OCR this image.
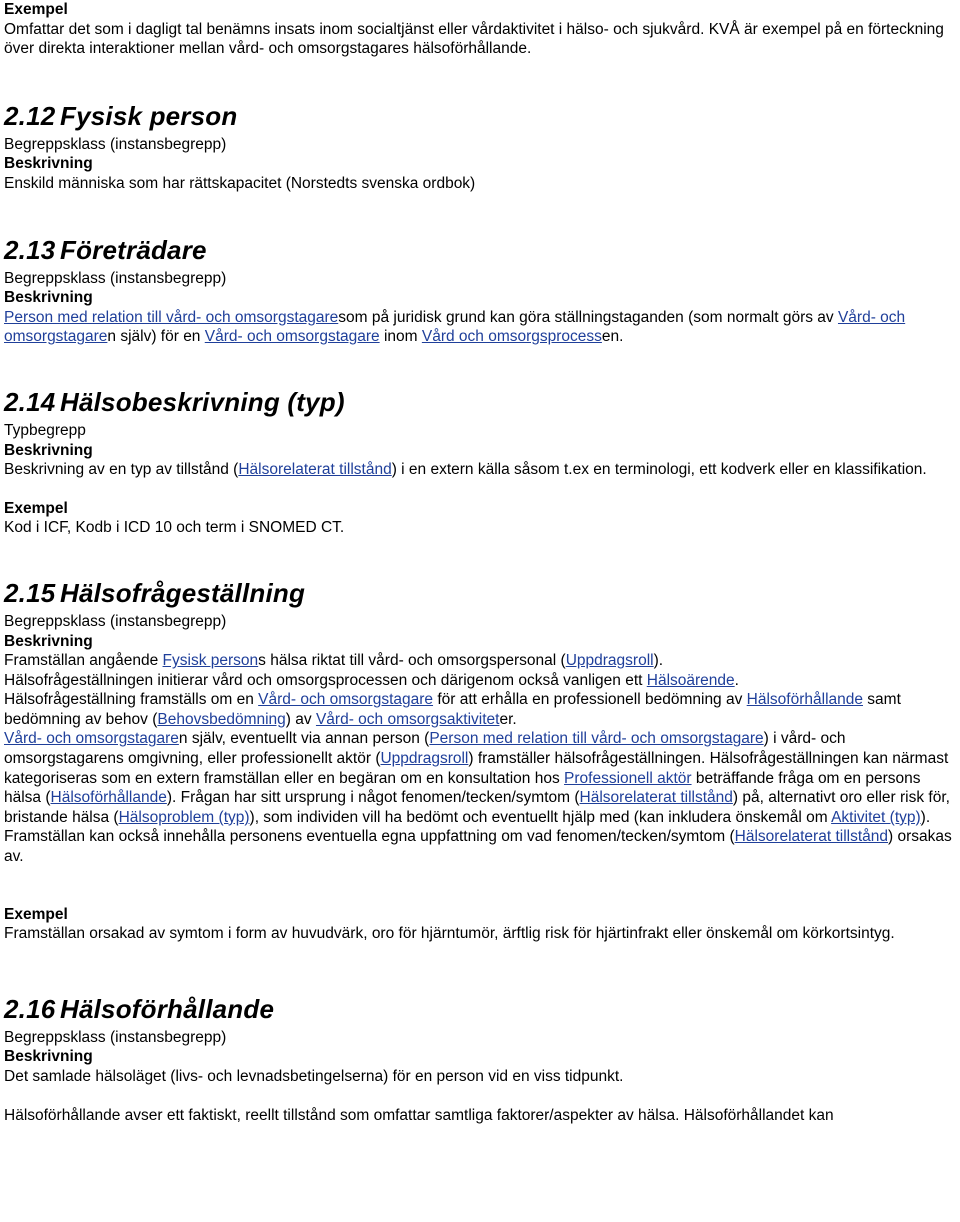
Exempel

Omfattar det som i dagligt tal benämns insats inom socialtjänst eller vårdaktivitet i hälso- och sjukvård. KVÅ är exempel på en förteckning över direkta interaktioner mellan vård- och omsorgstagares hälsoförhållande.

2.12 Fysisk person

Begreppsklass (instansbegrepp)

Beskrivning

Enskild människa som har rättskapacitet (Norstedts svenska ordbok)

2.13 Företrädare

Begreppsklass (instansbegrepp)

Beskrivning

Person med relation till vård- och omsorgstagaresom på juridisk grund kan göra ställningstaganden (som normalt görs av Vård- och omsorgstagaren själv) för en Vård- och omsorgstagare inom Vård och omsorgsprocessen.

2.14 Hälsobeskrivning (typ)

Typbegrepp

Beskrivning

Beskrivning av en typ av tillstånd (Hälsorelaterat tillstånd) i en extern källa såsom t.ex en terminologi, ett kodverk eller en klassifikation.

Exempel

Kod i ICF, Kodb i ICD 10 och term i SNOMED CT.

2.15 Hälsofrågeställning

Begreppsklass (instansbegrepp)

Beskrivning

Framställan angående Fysisk persons hälsa riktat till vård- och omsorgspersonal (Uppdragsroll).

Hälsofrågeställningen initierar vård och omsorgsprocessen och därigenom också vanligen ett Hälsoärende.

Hälsofrågeställning framställs om en Vård- och omsorgstagare för att erhålla en professionell bedömning av Hälsoförhållande samt bedömning av behov (Behovsbedömning) av Vård- och omsorgsaktiviteter.

Vård- och omsorgstagaren själv, eventuellt via annan person (Person med relation till vård- och omsorgstagare) i vård- och omsorgstagarens omgivning, eller professionellt aktör (Uppdragsroll) framställer hälsofrågeställningen. Hälsofrågeställningen kan närmast kategoriseras som en extern framställan eller en begäran om en konsultation hos Professionell aktör beträffande fråga om en persons hälsa (Hälsoförhållande). Frågan har sitt ursprung i något fenomen/tecken/symtom (Hälsorelaterat tillstånd) på, alternativt oro eller risk för, bristande hälsa (Hälsoproblem (typ)), som individen vill ha bedömt och eventuellt hjälp med (kan inkludera önskemål om Aktivitet (typ)). Framställan kan också innehålla personens eventuella egna uppfattning om vad fenomen/tecken/symtom (Hälsorelaterat tillstånd) orsakas av.

Exempel

Framställan orsakad av symtom i form av huvudvärk, oro för hjärntumör, ärftlig risk för hjärtinfrakt eller önskemål om körkortsintyg.

2.16 Hälsoförhållande

Begreppsklass (instansbegrepp)

Beskrivning

Det samlade hälsoläget (livs- och levnadsbetingelserna) för en person vid en viss tidpunkt.

Hälsoförhållande avser ett faktiskt, reellt tillstånd som omfattar samtliga faktorer/aspekter av hälsa. Hälsoförhållandet kan
